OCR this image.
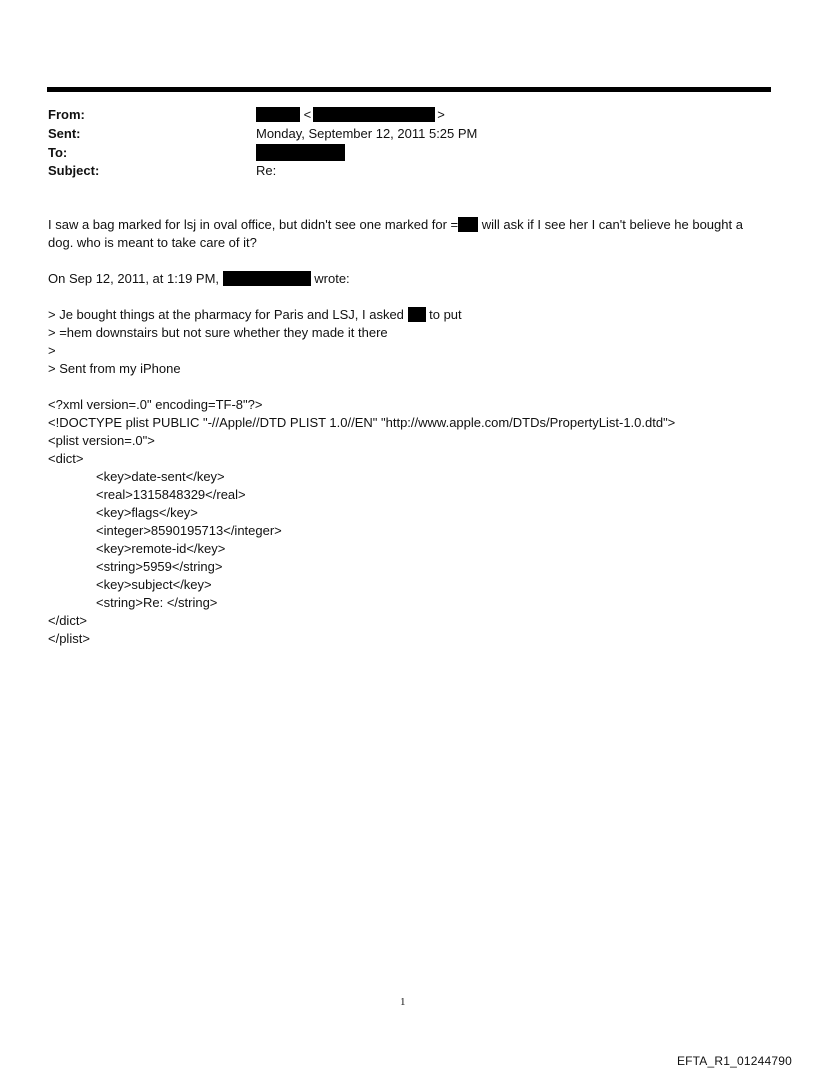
From:	<	>
Sent:	Monday, September 12, 2011 5:25 PM
To:
Subject:	Re:
I saw a bag marked for lsj in oval office, but didn't see one marked for = will ask if I see her I can't believe he bought a
dog. who is meant to take care of it?
On Sep 12, 2011, at 1:19 PM,	wrote:
> Je bought things at the pharmacy for Paris and LSJ, I asked  to put
> =hem downstairs but not sure whether they made it there
>
> Sent from my iPhone
<?xml version=.0" encoding=TF-8"?>
<!DOCTYPE plist PUBLIC "-//Apple//DTD PLIST 1.0//EN" "http://www.apple.com/DTDs/PropertyList-1.0.dtd">
<plist version=.0">
<dict>
<key>date-sent</key>
<real>1315848329</real>
<key>flags</key>
<integer>8590195713</integer>
<key>remote-id</key>
<string>5959</string>
<key>subject</key>
<string>Re: </string>
</dict>
</plist>
1
EFTA_R1_01244790
